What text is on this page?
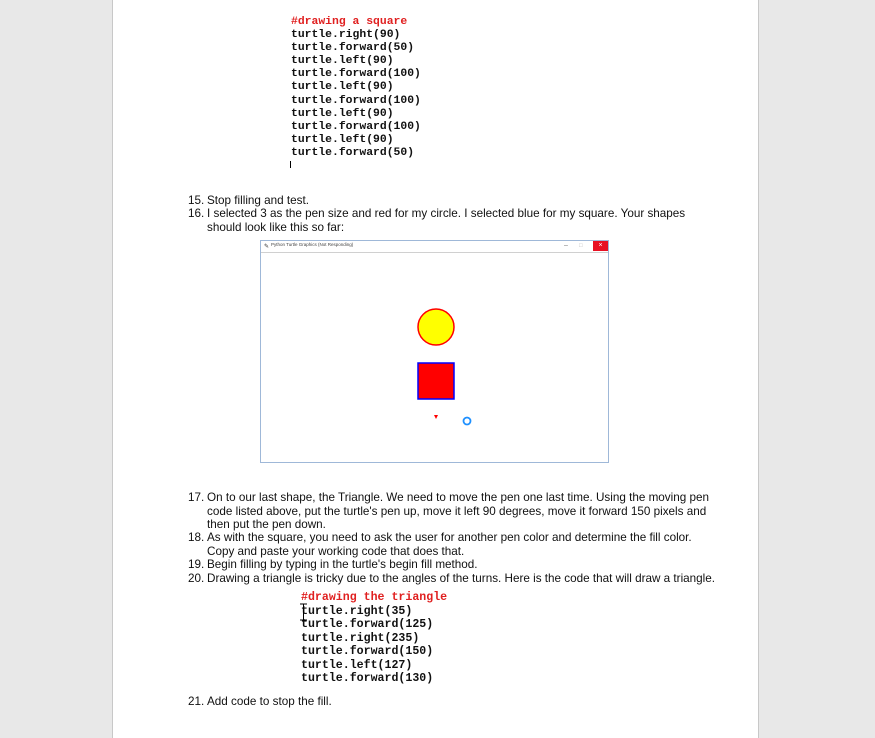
#drawing a square
turtle.right(90)
turtle.forward(50)
turtle.left(90)
turtle.forward(100)
turtle.left(90)
turtle.forward(100)
turtle.left(90)
turtle.forward(100)
turtle.left(90)
turtle.forward(50)
15. Stop filling and test.
16. I selected 3 as the pen size and red for my circle. I selected blue for my square. Your shapes should look like this so far:
✎ Python Turtle Graphics (Not Responding)	– □	×
17. On to our last shape, the Triangle. We need to move the pen one last time. Using the moving pen code listed above, put the turtle's pen up, move it left 90 degrees, move it forward 150 pixels and then put the pen down.
18. As with the square, you need to ask the user for another pen color and determine the fill color. Copy and paste your working code that does that.
19. Begin filling by typing in the turtle's begin fill method.
20. Drawing a triangle is tricky due to the angles of the turns. Here is the code that will draw a triangle.
#drawing the triangle
turtle.right(35)
turtle.forward(125)
turtle.right(235)
turtle.forward(150)
turtle.left(127)
turtle.forward(130)
21. Add code to stop the fill.
